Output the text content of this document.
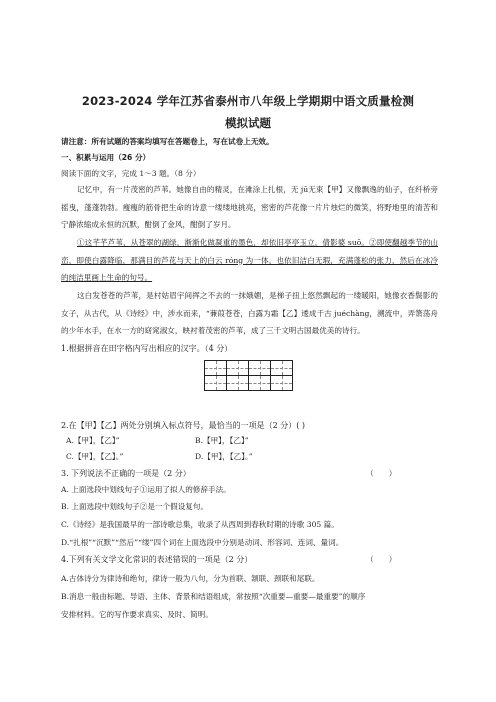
2023-2024 学年江苏省泰州市八年级上学期期中语文质量检测
模拟试题
请注意：所有试题的答案均填写在答题卷上，写在试卷上无效。
一、积累与运用（26 分）
阅读下面的文字，完成 1～3 题。（8 分）
记忆中，有一片茂密的芦苇。她像自由的精灵，在滩涂上扎根，无 jū无束【甲】又像飘逸的仙子，在纤桥旁摇曳，蓬蓬勃勃。瘦瘦的筋骨把生命的诗意一缕缕地挑亮，密密的芦花像一片片烛烂的微笑，将野地里的清苦和宁静浓缩成永恒的沉默，酣倒了金风，酣倒了岁月。
①这芊芊芦苇，从苍翠的湖绿，渐渐化做凝重的墨色，却依旧亭亭玉立，倩影婆 suō。②即使翻越季节的山峦，即使白露降临，那满目的芦花与天上的白云 róng 为一体，也依旧洁白无瑕，充满蓬松的张力，然后在冰冷的纯洁里画上生命的句号。
这白发苍苍的芦苇，是村姑眉宇间挥之不去的一抹娥媚，是梯子扭上悠然飘起的一缕暖阳，她像衣香鬓影的女子，从古代，从《诗经》中，涉水而来，“蒹葭苍苍，白露为霜【乙】逶成千古 juéchàng，溯流中，弄箫荡舟的少年水手，在水一方的窈窕淑女，映衬着茂密的芦苇，成了三千文明古国最优美的诗行。
1.根据拼音在田字格内写出相应的汉字。（4 分）

2.在【甲】【乙】两处分别填入标点符号，最恰当的一项是（2 分）( )
A.【甲】，【乙】”	B.【甲】，【乙】”
C.【甲】，【乙】。”	D.【甲】，【乙】。”
3. 下列说法不正确的一项是（2 分）	（　　）
A. 上面选段中划线句子①运用了拟人的修辞手法。
B. 上面选段中划线句子②是一个假设复句。
C.《诗经》是我国最早的一部诗歌总集，收录了从西周到春秋时期的诗歌 305 篇。
D.“扎根”“沉默”“然后”“缕”四个词在上面选段中分别是动词、形容词、连词、量词。
4.下列有关文学文化常识的表述错误的一项是（2 分）	（　　）
A.古体诗分为律诗和绝句，律诗一般为八句，分为首联、颔联、颈联和尾联。
B.消息一般由标题、导语、主体、背景和结语组成，常按照“次重要—重要—最重要”的顺序
安排材料。它的写作要求真实、及时、简明。
